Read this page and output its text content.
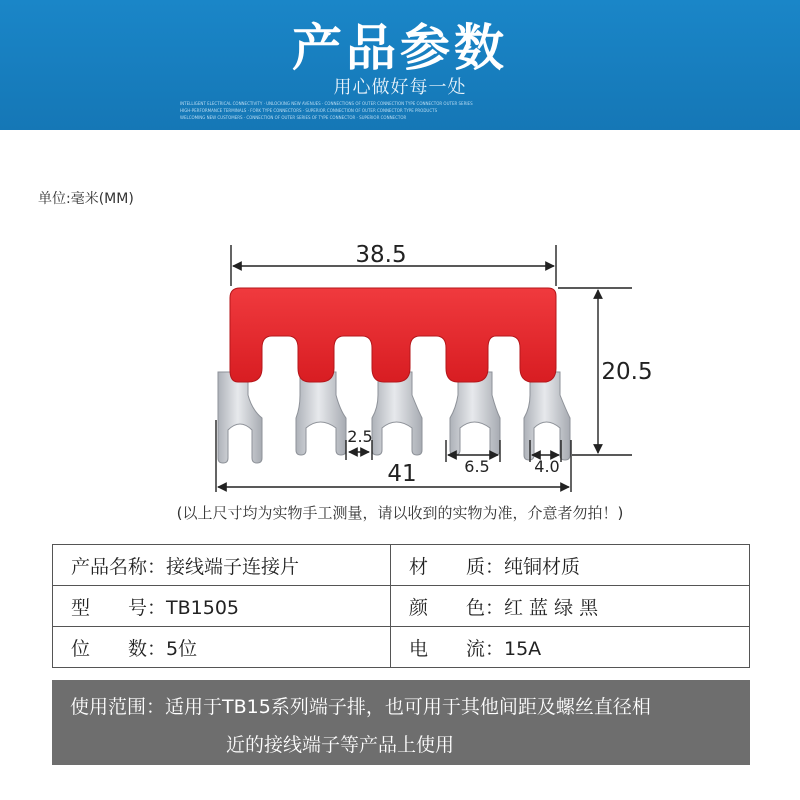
产品参数
用心做好每一处
INTELLIGENT ELECTRICAL CONNECTIVITY · UNLOCKING NEW AVENUES · CONNECTIONS OF OUTER CONNECTION TYPE CONNECTOR OUTER SERIES
HIGH-PERFORMANCE TERMINALS · FORK TYPE CONNECTORS · SUPERIOR CONNECTION OF OUTER CONNECTOR TYPE PRODUCTS
WELCOMING NEW CUSTOMERS · CONNECTION OF OUTER SERIES OF TYPE CONNECTOR · SUPERIOR CONNECTOR
单位:毫米(MM)
38.5
20.5
2.5
41	6.5	4.0
(以上尺寸均为实物手工测量，请以收到的实物为准，介意者勿拍！)
产品名称：接线端子连接片	材　　质：纯铜材质
型　　号：TB1505	颜　　色：红 蓝 绿 黑
位　　数：5位	电　　流：15A
使用范围：适用于TB15系列端子排，也可用于其他间距及螺丝直径相
近的接线端子等产品上使用
